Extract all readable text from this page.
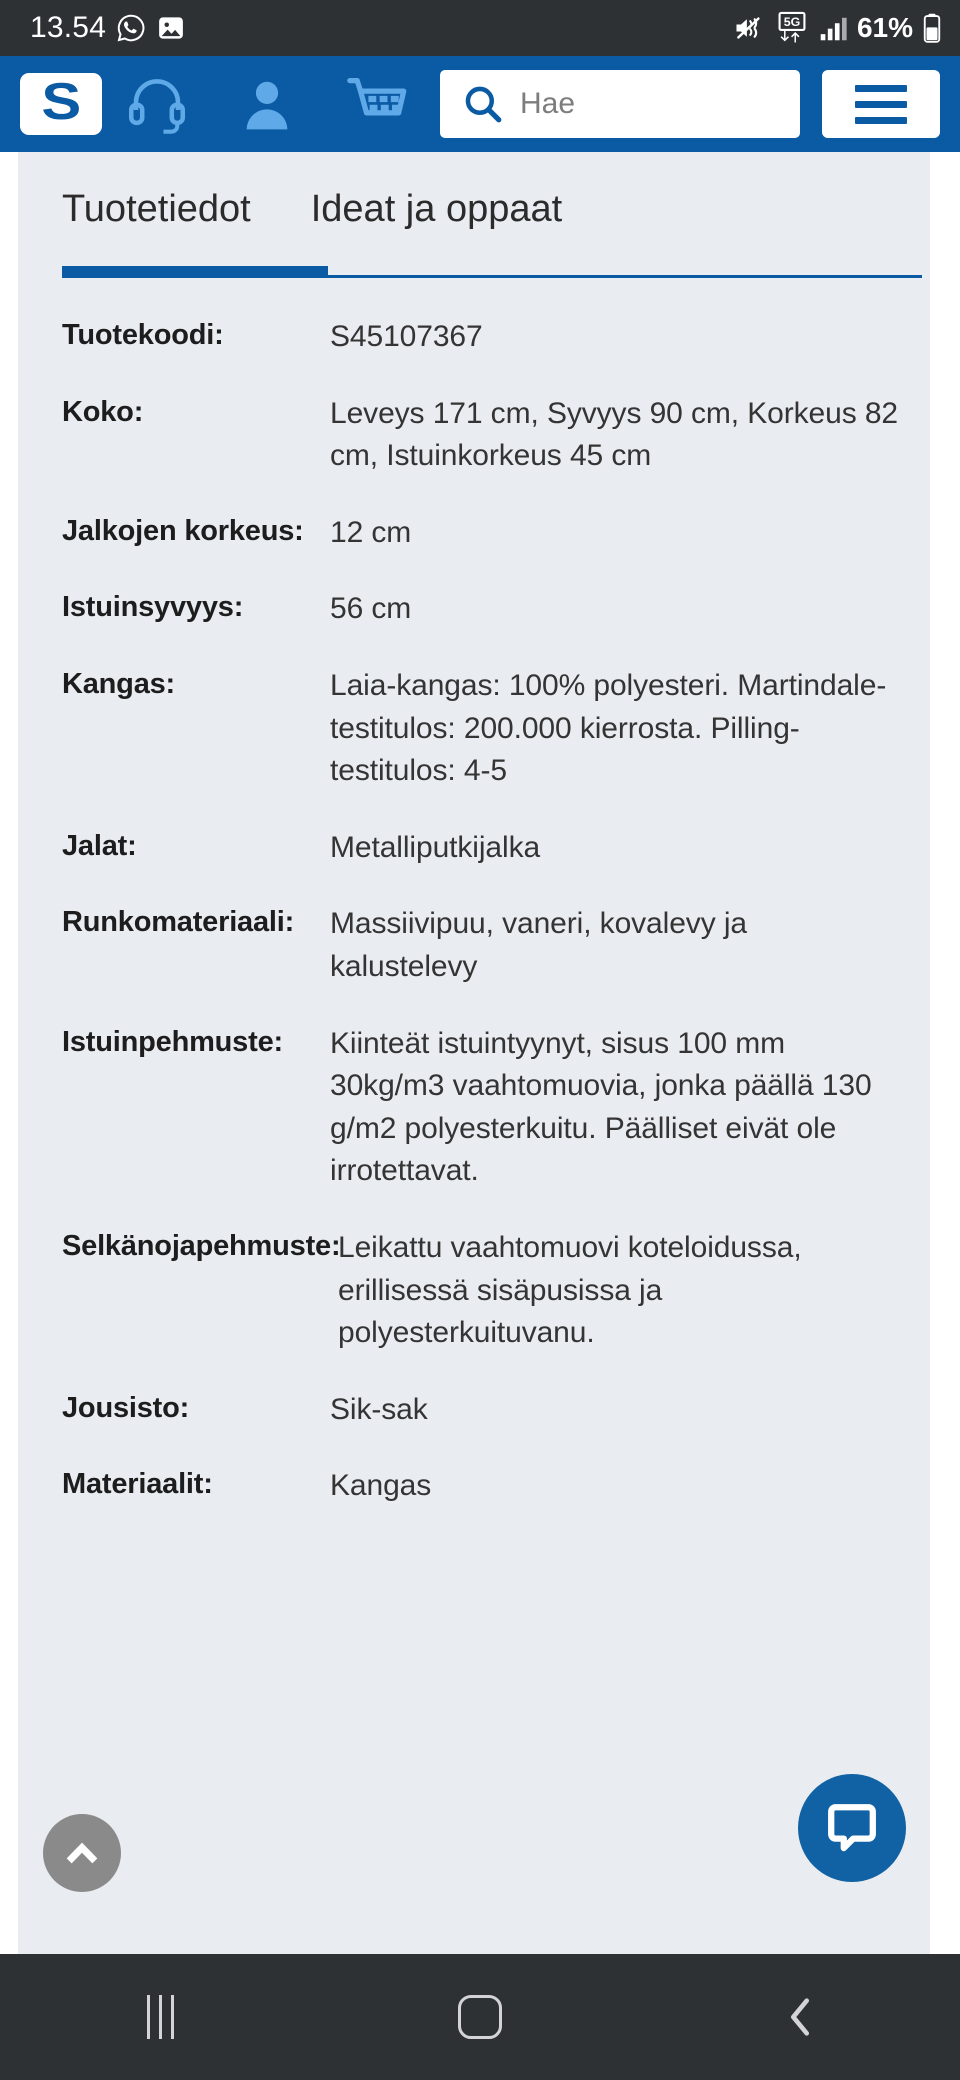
13.54	5G 61%
S	Hae
Tuotetiedot	Ideat ja oppaat
Tuotekoodi:	S45107367
Koko:	Leveys 171 cm, Syvyys 90 cm, Korkeus 82 cm, Istuinkorkeus 45 cm
Jalkojen korkeus: 12 cm
Istuinsyvyys:	56 cm
Kangas:	Laia-kangas: 100% polyesteri. Martindale-testitulos: 200.000 kierrosta. Pilling-testitulos: 4-5
Jalat:	Metalliputkijalka
Runkomateriaali:	Massiivipuu, vaneri, kovalevy ja kalustelevy
Istuinpehmuste:	Kiinteät istuintyynyt, sisus 100 mm 30kg/m3 vaahtomuovia, jonka päällä 130 g/m2 polyesterkuitu. Päälliset eivät ole irrotettavat.
Selkänojapehmuste:
Leikattu vaahtomuovi koteloidussa, erillisessä sisäpusissa ja polyesterkuituvanu.
Jousisto:	Sik-sak
Materiaalit:	Kangas
